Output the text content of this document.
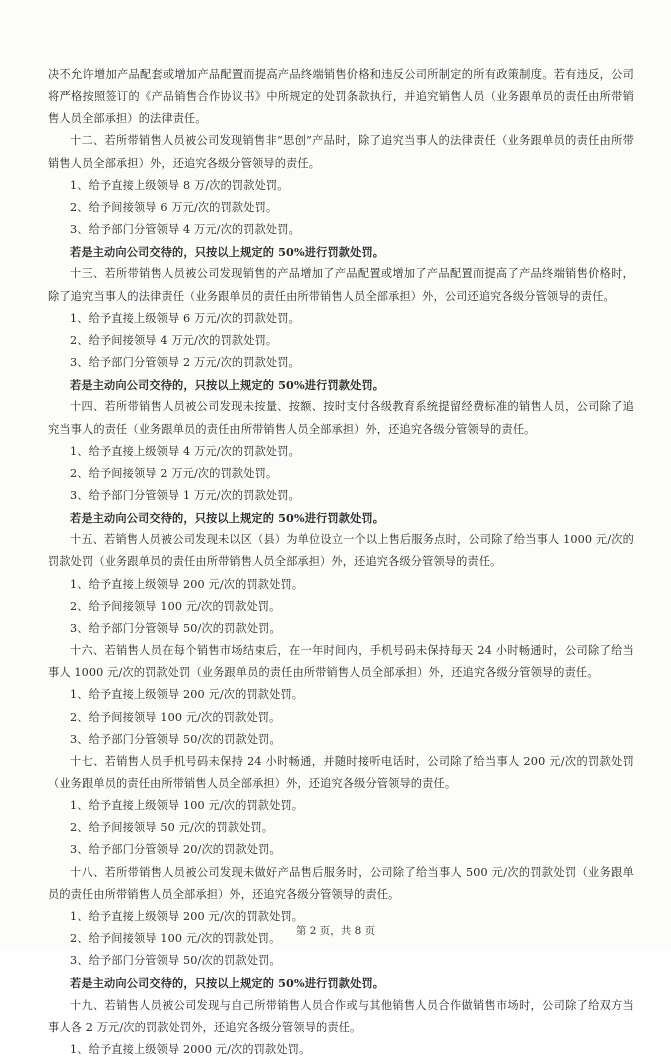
决不允许增加产品配套或增加产品配置而提高产品终端销售价格和违反公司所制定的所有政策制度。若有违反，公司将严格按照签订的《产品销售合作协议书》中所规定的处罚条款执行，并追究销售人员（业务跟单员的责任由所带销售人员全部承担）的法律责任。

十二、若所带销售人员被公司发现销售非“思创”产品时，除了追究当事人的法律责任（业务跟单员的责任由所带销售人员全部承担）外，还追究各级分管领导的责任。

1、给予直接上级领导 8 万/次的罚款处罚。

2、给予间接领导 6 万元/次的罚款处罚。

3、给予部门分管领导 4 万元/次的罚款处罚。

若是主动向公司交待的，只按以上规定的 50%进行罚款处罚。

十三、若所带销售人员被公司发现销售的产品增加了产品配置或增加了产品配置而提高了产品终端销售价格时，除了追究当事人的法律责任（业务跟单员的责任由所带销售人员全部承担）外，公司还追究各级分管领导的责任。

1、给予直接上级领导 6 万元/次的罚款处罚。

2、给予间接领导 4 万元/次的罚款处罚。

3、给予部门分管领导 2 万元/次的罚款处罚。

若是主动向公司交待的，只按以上规定的 50%进行罚款处罚。

十四、若所带销售人员被公司发现未按量、按额、按时支付各级教育系统提留经费标准的销售人员，公司除了追究当事人的责任（业务跟单员的责任由所带销售人员全部承担）外，还追究各级分管领导的责任。

1、给予直接上级领导 4 万元/次的罚款处罚。

2、给予间接领导 2 万元/次的罚款处罚。

3、给予部门分管领导 1 万元/次的罚款处罚。

若是主动向公司交待的，只按以上规定的 50%进行罚款处罚。

十五、若销售人员被公司发现未以区（县）为单位设立一个以上售后服务点时，公司除了给当事人 1000 元/次的罚款处罚（业务跟单员的责任由所带销售人员全部承担）外，还追究各级分管领导的责任。

1、给予直接上级领导 200 元/次的罚款处罚。

2、给予间接领导 100 元/次的罚款处罚。

3、给予部门分管领导 50/次的罚款处罚。

十六、若销售人员在每个销售市场结束后，在一年时间内，手机号码未保持每天 24 小时畅通时，公司除了给当事人 1000 元/次的罚款处罚（业务跟单员的责任由所带销售人员全部承担）外，还追究各级分管领导的责任。

1、给予直接上级领导 200 元/次的罚款处罚。

2、给予间接领导 100 元/次的罚款处罚。

3、给予部门分管领导 50/次的罚款处罚。

十七、若销售人员手机号码未保持 24 小时畅通，并随时接听电话时，公司除了给当事人 200 元/次的罚款处罚（业务跟单员的责任由所带销售人员全部承担）外，还追究各级分管领导的责任。

1、给予直接上级领导 100 元/次的罚款处罚。

2、给予间接领导 50 元/次的罚款处罚。

3、给予部门分管领导 20/次的罚款处罚。

十八、若所带销售人员被公司发现未做好产品售后服务时，公司除了给当事人 500 元/次的罚款处罚（业务跟单员的责任由所带销售人员全部承担）外，还追究各级分管领导的责任。

1、给予直接上级领导 200 元/次的罚款处罚。

2、给予间接领导 100 元/次的罚款处罚。

3、给予部门分管领导 50/次的罚款处罚。

若是主动向公司交待的，只按以上规定的 50%进行罚款处罚。

十九、若销售人员被公司发现与自己所带销售人员合作或与其他销售人员合作做销售市场时，公司除了给双方当事人各 2 万元/次的罚款处罚外，还追究各级分管领导的责任。

1、给予直接上级领导 2000 元/次的罚款处罚。

第 2 页，共 8 页
